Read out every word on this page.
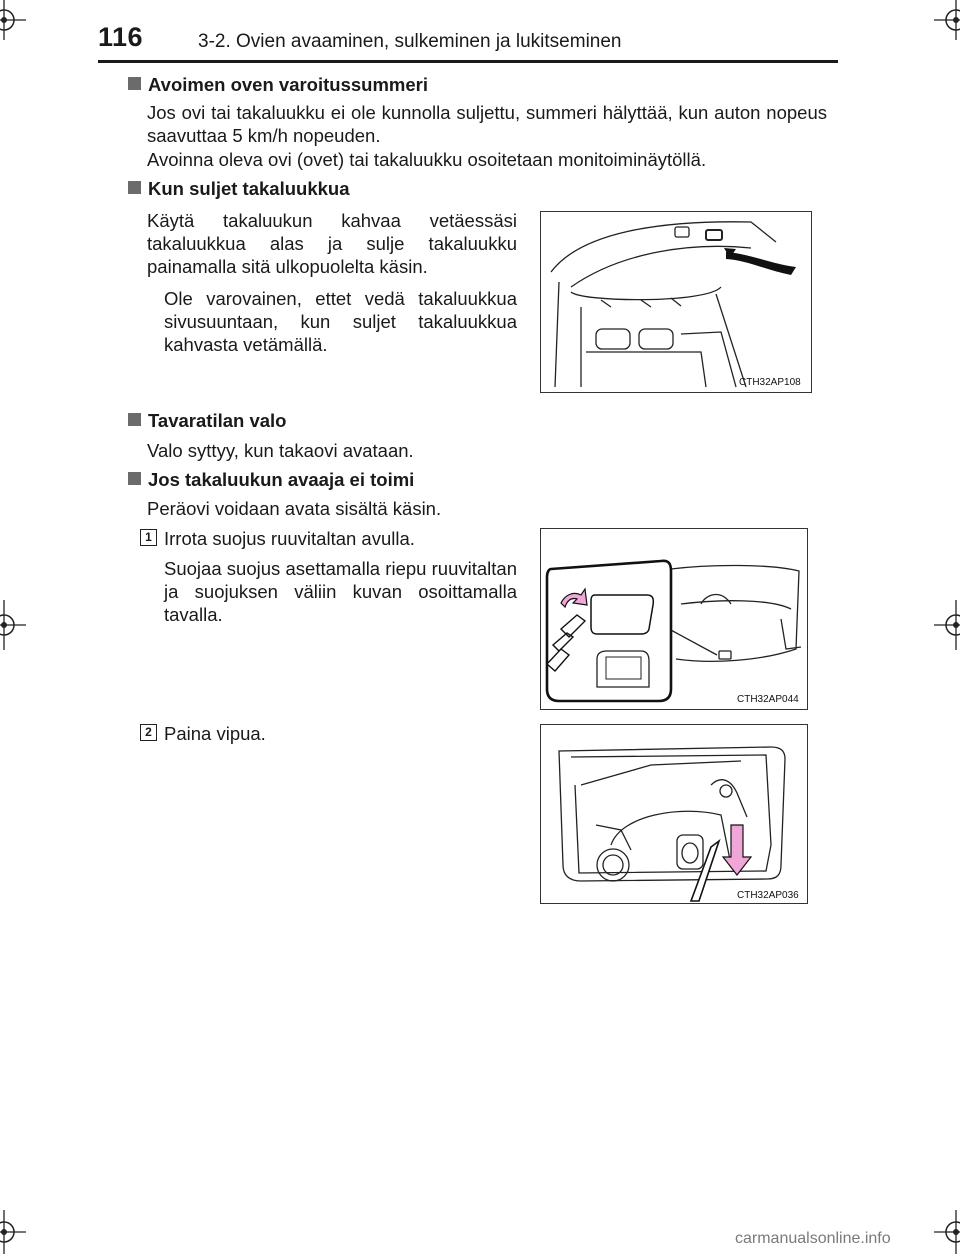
116	3-2. Ovien avaaminen, sulkeminen ja lukitseminen
Avoimen oven varoitussummeri
Jos ovi tai takaluukku ei ole kunnolla suljettu, summeri hälyttää, kun auton nopeus saavuttaa 5 km/h nopeuden.
Avoinna oleva ovi (ovet) tai takaluukku osoitetaan monitoiminäytöllä.
Kun suljet takaluukkua
Käytä takaluukun kahvaa vetäessäsi takaluukkua alas ja sulje takaluukku painamalla sitä ulkopuolelta käsin.
Ole varovainen, ettet vedä takaluukkua sivusuuntaan, kun suljet takaluukkua kahvasta vetämällä.
CTH32AP108
Tavaratilan valo
Valo syttyy, kun takaovi avataan.
Jos takaluukun avaaja ei toimi
Peräovi voidaan avata sisältä käsin.
1 Irrota suojus ruuvitaltan avulla.
Suojaa suojus asettamalla riepu ruuvitaltan ja suojuksen väliin kuvan osoittamalla tavalla.
CTH32AP044
2 Paina vipua.
CTH32AP036
carmanualsonline.info
